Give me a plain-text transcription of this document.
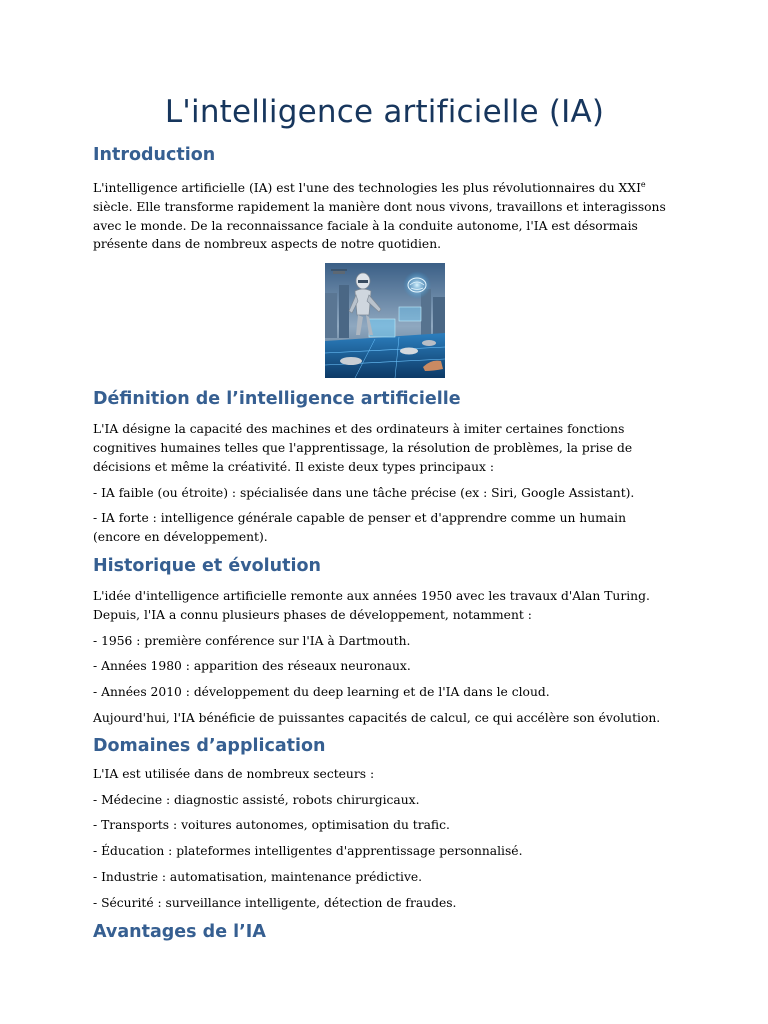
L'intelligence artificielle (IA)
Introduction

L'intelligence artificielle (IA) est l'une des technologies les plus révolutionnaires du XXIe siècle. Elle transforme rapidement la manière dont nous vivons, travaillons et interagissons avec le monde. De la reconnaissance faciale à la conduite autonome, l'IA est désormais présente dans de nombreux aspects de notre quotidien.

Définition de l’intelligence artificielle

L'IA désigne la capacité des machines et des ordinateurs à imiter certaines fonctions cognitives humaines telles que l'apprentissage, la résolution de problèmes, la prise de décisions et même la créativité. Il existe deux types principaux :

- IA faible (ou étroite) : spécialisée dans une tâche précise (ex : Siri, Google Assistant).

- IA forte : intelligence générale capable de penser et d'apprendre comme un humain (encore en développement).

Historique et évolution

L'idée d'intelligence artificielle remonte aux années 1950 avec les travaux d'Alan Turing. Depuis, l'IA a connu plusieurs phases de développement, notamment :

- 1956 : première conférence sur l'IA à Dartmouth.

- Années 1980 : apparition des réseaux neuronaux.

- Années 2010 : développement du deep learning et de l'IA dans le cloud.

Aujourd'hui, l'IA bénéficie de puissantes capacités de calcul, ce qui accélère son évolution.

Domaines d’application

L'IA est utilisée dans de nombreux secteurs :

- Médecine : diagnostic assisté, robots chirurgicaux.

- Transports : voitures autonomes, optimisation du trafic.

- Éducation : plateformes intelligentes d'apprentissage personnalisé.

- Industrie : automatisation, maintenance prédictive.

- Sécurité : surveillance intelligente, détection de fraudes.

Avantages de l’IA
